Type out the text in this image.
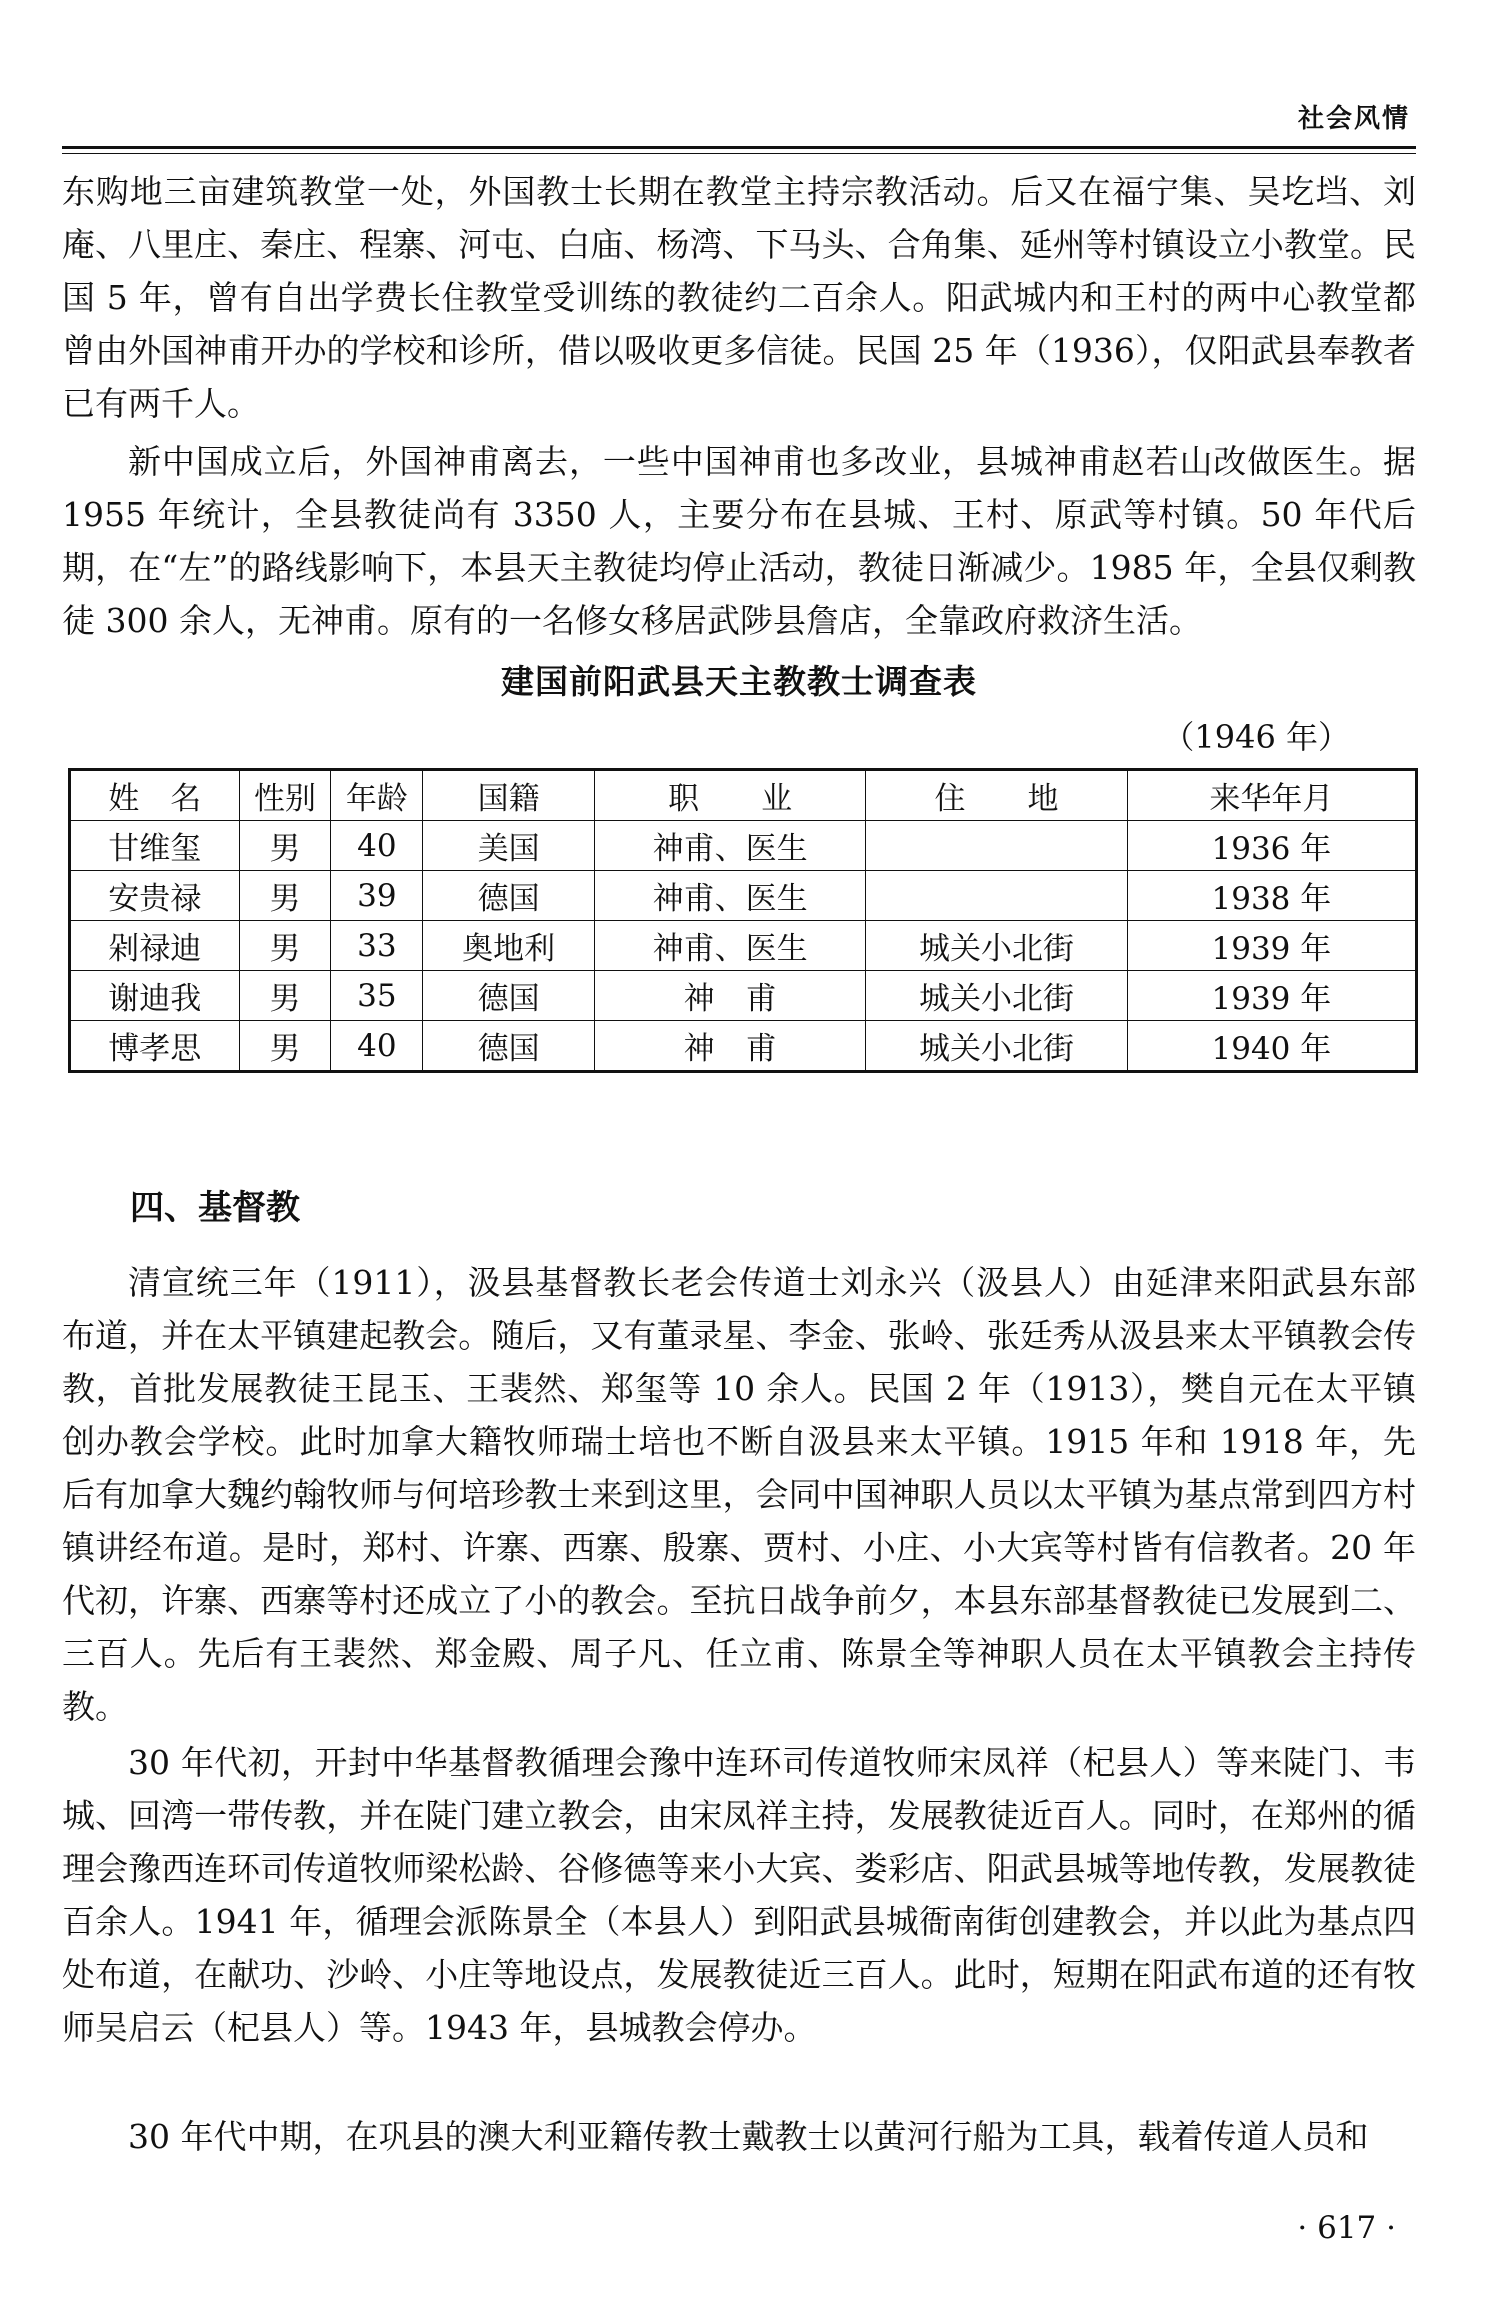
社会风情

东购地三亩建筑教堂一处，外国教士长期在教堂主持宗教活动。后又在福宁集、吴圪垱、刘庵、八里庄、秦庄、程寨、河屯、白庙、杨湾、下马头、合角集、延州等村镇设立小教堂。民国 5 年，曾有自出学费长住教堂受训练的教徒约二百余人。阳武城内和王村的两中心教堂都曾由外国神甫开办的学校和诊所，借以吸收更多信徒。民国 25 年（1936），仅阳武县奉教者已有两千人。

新中国成立后，外国神甫离去，一些中国神甫也多改业，县城神甫赵若山改做医生。据 1955 年统计，全县教徒尚有 3350 人，主要分布在县城、王村、原武等村镇。50 年代后期，在“左”的路线影响下，本县天主教徒均停止活动，教徒日渐减少。1985 年，全县仅剩教徒 300 余人，无神甫。原有的一名修女移居武陟县詹店，全靠政府救济生活。

建国前阳武县天主教教士调查表
（1946 年）
姓　名	性别	年龄	国籍	职　　业	住　　地	来华年月
甘维玺	男	40	美国	神甫、医生		1936 年
安贵禄	男	39	德国	神甫、医生		1938 年
剁禄迪	男	33	奥地利	神甫、医生	城关小北街	1939 年
谢迪我	男	35	德国	神　甫	城关小北街	1939 年
博孝思	男	40	德国	神　甫	城关小北街	1940 年
四、基督教

清宣统三年（1911），汲县基督教长老会传道士刘永兴（汲县人）由延津来阳武县东部布道，并在太平镇建起教会。随后，又有董录星、李金、张岭、张廷秀从汲县来太平镇教会传教，首批发展教徒王昆玉、王裴然、郑玺等 10 余人。民国 2 年（1913），樊自元在太平镇创办教会学校。此时加拿大籍牧师瑞士培也不断自汲县来太平镇。1915 年和 1918 年，先后有加拿大魏约翰牧师与何培珍教士来到这里，会同中国神职人员以太平镇为基点常到四方村镇讲经布道。是时，郑村、许寨、西寨、殷寨、贾村、小庄、小大宾等村皆有信教者。20 年代初，许寨、西寨等村还成立了小的教会。至抗日战争前夕，本县东部基督教徒已发展到二、三百人。先后有王裴然、郑金殿、周子凡、任立甫、陈景全等神职人员在太平镇教会主持传教。

30 年代初，开封中华基督教循理会豫中连环司传道牧师宋凤祥（杞县人）等来陡门、韦城、回湾一带传教，并在陡门建立教会，由宋凤祥主持，发展教徒近百人。同时，在郑州的循理会豫西连环司传道牧师梁松龄、谷修德等来小大宾、娄彩店、阳武县城等地传教，发展教徒百余人。1941 年，循理会派陈景全（本县人）到阳武县城衙南街创建教会，并以此为基点四处布道，在献功、沙岭、小庄等地设点，发展教徒近三百人。此时，短期在阳武布道的还有牧师吴启云（杞县人）等。1943 年，县城教会停办。

30 年代中期，在巩县的澳大利亚籍传教士戴教士以黄河行船为工具，载着传道人员和

· 617 ·
